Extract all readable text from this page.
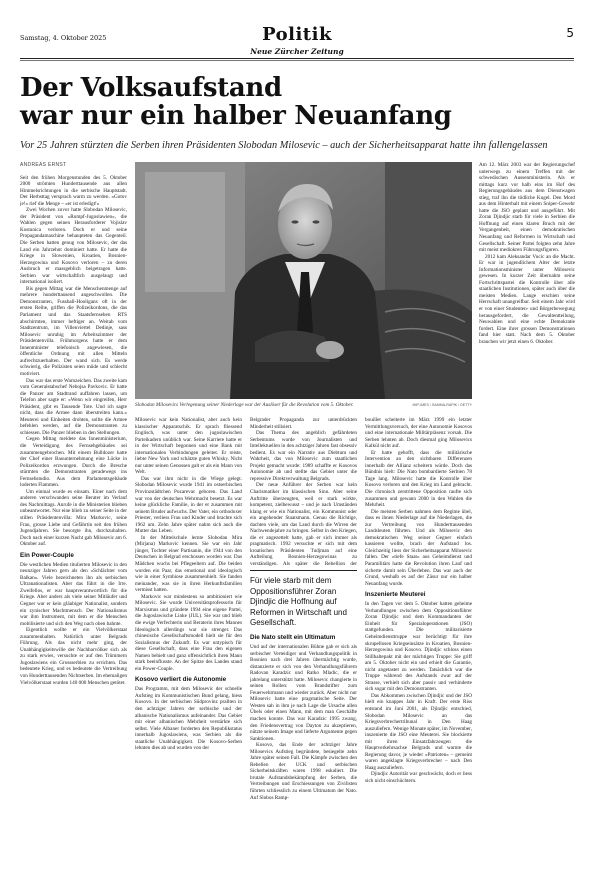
Samstag, 4. Oktober 2025	Politik
Neue Zürcher Zeitung
5
Der Volksaufstand
war nur ein halber Neuanfang
Vor 25 Jahren stürzten die Serben ihren Präsidenten Slobodan Milosevic – auch der Sicherheitsapparat hatte ihn fallengelassen
ANDREAS ERNST

Seit den frühen Morgenstunden des 5. Oktober 2000 strömten Hunderttausende aus allen Himmelsrichtungen in die serbische Hauptstadt. Der Herbsttag versprach warm zu werden. «Gotov je!» rief die Menge – «er ist erledigt!»

Zwei Wochen zuvor hatte Slobodan Milosevic, der Präsident von «Rumpf-Jugoslawien», die Wahlen gegen seinen Herausforderer Vojislav Kostunica verloren. Doch er und seine Propagandamaschine behaupteten das Gegenteil. Die Serben hatten genug von Milosevic, der das Land ein Jahrzehnt dominiert hatte. Er hatte die Kriege in Slowenien, Kroatien, Bosnien-Herzegowina und Kosovo verloren – zu deren Ausbruch er massgeblich beigetragen hatte. Serbien war wirtschaftlich ausgelaugt und international isoliert.

Bis gegen Mittag war die Menschenmenge auf mehrere hunderttausend angeschwollen. Die Demonstranten, Fussball-Hooligans oft in der ersten Reihe, griffen die Polizeikordons, die das Parlament und das Staatsfernsehen RTS abschirmten, immer heftiger an. Weitab vom Stadtzentrum, im Villenviertel Dedinje, sass Milosevic unruhig im Arbeitszimmer der Präsidentenvilla. Frühmorgens hatte er dem Innenminister telefonisch angewiesen, die öffentliche Ordnung mit allen Mitteln aufrechtzuerhalten. Der wand sich. Es werde schwierig, die Polizisten seien müde und schlecht motiviert.

Das war das erste Warnzeichen. Das zweite kam vom Generalstabschef Nebojsa Pavkovic. Er hatte die Panzer am Stadtrand auffahren lassen, um Telefon aber sagte er: «Wenn wir eingreifen, Herr Präsident, gibt es Tausende Tote. Und ich sagte nicht, dass die Armee dann überstreiten kann.» Meuterei und Einheiten drohten, sollte die Armee befehlen werden, auf die Demonstranten zu schiessen. Die Panzer blieben in den Stellungen.

Gegen Mittag meldete das Innenministerium, die Verteidigung des Fernsehgebäudes sei zusammengebrochen. Mit einem Bulldozer hatte der Chef einer Bauunternehmung eine Lücke in Polizeikordon erzwungen. Durch die Bresche stürmten die Demonstranten geradewegs ins Fernsehstudio. Aus dem Parlamentsgebäude loderten Flammen.

Um einmal wurde es einsam. Einer nach dem anderen verschwanden seine Berater im Verlauf des Nachmittags. Anrufe in die Ministerien blieben unbeantwortet. Nur eine blieb zu seiner Seite in der stillen Präsidentenvilla: Mira Markovic, seine Frau, grosse Liebe und Gefährtin seit den frühen Jugendjahren. Sie besorgte ihn, durchzuhalten. Doch nach einer kurzen Nacht gab Milosevic am 6. Oktober auf.

Ein Power-Couple

Die westlichen Medien titulierten Milosevic in den neunziger Jahren gern als den «Schlächter vom Balkan». Viele bezeichneten ihn als serbischen Ultranationalisten. Aber das führt in die Irre. Zweifellos, er war hauptverantwortlich für die Kriege. Aber anders als viele seiner Mitläufer und Gegner war er kein gläubiger Nationalist, sondern ein zynischer Machtmensch. Der Nationalismus war ihm Instrument, mit dem er die Menschen mobilisierte und sich den Weg nach oben bahnte.

Eigentlich wollte er ein Vielvölkerstaat zusammenhalten. Natürlich unter Belgrads Führung. Als das nicht mehr ging, der Unabhängigkeitswille der Nachbarvölker sich als zu stark erwies, versuchte er auf den Trümmern Jugoslawiens ein Grossserbien zu errichten. Das bedeutete Krieg, und es bedeutete die Vertreibung von Hunderttausenden Nichtserben. Im ehemaligen Vielvölkerstaat wurden 140 000 Menschen getötet.

Slobodan Milosevics Verlegenung seiner Niederlage war der Auslöser für die Revolution vom 5. Oktober.	IMP-IMES / SAMMA-RAPIK / GETTY

Milosevic war kein Nationalist, aber auch kein klassischer Apparatschik. Er sprach fliessend Englisch, was unter den jugoslawischen Parteikadern unüblich war. Seine Karriere hatte er in der Wirtschaft begonnen und eine Bank mit internationalen Verbindungen geleitet. Er reiste, liebte New York und schätzte guten Whisky. Nicht nur unter seinen Genossen galt er als ein Mann von Welt.

Das war ihm nicht in die Wiege gelegt. Slobodan Milosevic wurde 1941 im ostserbischen Provinzstädtchen Pozarevac geboren. Das Land war von der deutschen Wehrmacht besetzt. Es war keine glückliche Familie, in der er zusammen mit seinem Bruder aufwuchs. Der Vater, ein orthodoxer Priester, verliess Frau und Kinder und brachte sich 1962 um. Zehn Jahre später nahm sich auch die Mutter das Leben.

In der Mittelschule lernte Slobodan Mira (Mirjana) Markovic kennen. Sie war ein Jahr jünger, Tochter einer Partisanin, die 1944 von den Deutschen in Belgrad erschossen worden war. Das Mädchen wuchs bei Pflegeeltern auf. Die beiden wurden ein Paar, das emotional und ideologisch wie in einer Symbiose zusammenhielt. Sie fanden meinander, was sie in ihren Herkunftsfamilien vermisst hatten.

Markovic war mindestens so ambitioniert wie Milosevic. Sie wurde Universitätsprofessorin für Marxismus und gründete 1994 eine eigene Partei, die Jugoslawische Linke (JUL). Sie war und blieb die ewige Verfechterin und Beraterin ihres Mannes Ideologisch allerdings war sie strenger. Das chinesische Gesellschaftsmodell hielt sie für den Sozialismus der Zukunft. Es war untypisch für diese Gesellschaft, dass eine Frau den eigenen Namen behielt und ganz offensichtlich ihren Mann stark beeinflusste. An der Spitze des Landes stand ein Power-Couple.

Kosovo verliert die Autonomie

Das Programm, mit dem Milosevic der schnelle Aufstieg im Kommunistischen Bund gelang, hiess Kosovo. In der serbischen Südprovinz prallten in den achtziger Jahren der serbische und der albanische Nationalismus aufeinander. Das Gebiet mit einer albanischen Mehrheit verstärkte sich selbst. Viele Albaner forderten den Republikstatus innerhalb Jugoslawiens, was Serbien als die staatliche Unabhängigkeit. Die Kosovo-Serben lehnten dies ab und wurden von der

Belgrader Propaganda zur unterdrückten Minderheit stilisiert.

Das Thema des angeblich gefährdeten Serbentums wurde von Journalisten und Intellektuellen in den achtziger Jahren fast obsessiv bedient. Es war ein Narrativ aus Diebtum und Wahrheit, das von Milosevic zum staatlichen Projekt gemacht wurde: 1989 schaffte er Kosovos Autonomie ab und stellte das Gebiet unter die repressive Direktverwaltung Belgrads.

Der neue Anführer der Serben war kein Charismatiker im klassischen Sinn. Aber seine Auftritte überzeugten, weil er stark wirkte, kompetent, zielbewusst – und je nach Umständen klang er wie ein Nationalist, ein Kommunist oder ein angehender Staatsmann. Genau die Richtige, dachten viele, um das Land durch die Wirren der Nachwendejahre zu bringen. Selbst in den Kriegen, die er angezettelt hatte, gab er sich immer als pragmatisch. 1992 versuchte er sich mit dem kroatischen Präsidenten Tudjman auf eine Aufteilung Bosnien-Herzegowinas zu verständigen. Als später die Rebellion der

Für viele starb mit dem Oppositionsführer Zoran Djindjic die Hoffnung auf Reformen in Wirtschaft und Gesellschaft.
Die Nato stellt ein Ultimatum

Und auf der internationalen Bühne gab er sich als serbischer Verteidiger und Verhandlungspolitik in Bosnien nach drei Jahren übermächtig wurde, distanzierte er sich von den Verhandlungsführern Radovan Karadzic und Ratko Mladic, die er jahrelang unterstützt hatte. Milosevic changierte in seinen Rollen: vom Brandstifter zum Feuerwehrmann und wieder zurück. Aber nicht nur Milosevic hatte eine pragmatische Seite. Der Westen sah in ihm je nach Lage die Ursache allen Übels oder einen Mann, mit dem man Geschäfte machen konnte. Das war Karadzic 1995 zwang, den Friedensvertrag von Dayton zu akzeptieren, nützte seinem Image und lieferte Argumente gegen Sanktionen.

Kosovo, das Ende der achtziger Jahre Milosevics Aufstieg begründete, besiegelte zehn Jahre später seinen Fall. Die Kämpfe zwischen den Rebellen der UCK und serbischen Sicherheitskräften waren 1998 eskaliert. Die brutale Aufstandsbekämpfung der Serben, die Vertreibungen und Erschiessungen von Zivilisten führten schliesslich zu einem Ultimatum der Nato. Auf Slobos Ramp-

bouillet scheiterte im März 1999 ein letzter Vermittlungsversuch, der eine Autonomie Kosovos und eine internationale Militärpräsenz vorsah. Die Serben lehnten ab. Doch diesmal ging Milosevics Kalkül nicht auf.

Er hatte gehofft, dass die militärische Intervention an den sichtbaren Differenzen innerhalb der Allianz scheitern würde. Doch das Bündnis hielt: Die Nato bombardierte Serbien 78 Tage lang. Milosevic hatte die Kontrolle über Kosovo verloren und den Krieg im Land gebracht. Die chronisch zerstrittene Opposition raufte sich zusammen und gewann 2000 in den Wahlen die Mehrheit.

Die meisten Serben nahmen dem Regime übel, dass es ihnen Niederlage auf die Niederlagen, die zur Vertreibung von Hunderttausenden Landsleuten führten. Und als Milosevic den demokratischen Weg seiner Gegner einfach kassieren wollte, brach der Aufstand los. Gleichzeitig liess der Sicherheitsapparat Milosevic fallen. Der «tiefe Staat» aus Geheimdienst und Paramilitärs hatte die Revolution ihren Lauf und sicherte damit sein Überleben. Das war auch der Grund, weshalb es auf der Zäsur nur ein halber Neuanfang wurde.

Inszenierte Meuterei

In den Tagen vor dem 5. Oktober hatten geheime Verhandlungen zwischen dem Oppositionsführer Zoran Djindjic und dem Kommandanten der Einheit für Spezialoperationen (JSO) stattgefunden. Die militarisierte Geheimdiensttruppe war berüchtigt für ihre skrupellosen Kriegseinsätze in Kroatien, Bosnien-Herzegowina und Kosovo. Djindjic schloss einen Stillhaltepakt mit der mächtigen Truppe: Sie griff am 5. Oktober nicht ein und erhielt die Garantie, nicht angetastet zu werden. Tatsächlich war die Truppe während des Aufstands zwar auf der Strasse, verhielt sich aber passiv und verhinderte sich sogar mit den Demonstranten.

Das Abkommen zwischen Djindjic und der JSO hielt ein knappes Jahr in Kraft. Der erste Riss entstand im Juni 2001, als Djindjic entschied, Slobodan Milosevic an das Kriegsverbrechertribunal in Den Haag auszuliefern. Wenige Monate später, im November, inszenierte die JSO eine Meuterei. Sie blockierte mit ihren Einsatzfahrzeugen die Hauptverkehrsachse Belgrads und warnte die Regierung davor, je wieder «Patrioten» – gemeint waren angeklagte Kriegsverbrecher – nach Den Haag auszuliefern.

Djindjic Autorität war geschwächt, doch er liess sich nicht einschüchtern.

Am 12. März 2003 war der Regierungschef unterwegs zu einem Treffen mit der schwedischen Aussenministerin. Als er mittags kurz vor halb eins im Hof des Regierungsgebäudes aus dem Dienstwagen stieg, traf ihn die tödliche Kugel. Den Mord aus dem Hinterhalt mit einem Sniper-Gewehr hatte die JSO geplant und ausgeführt. Mit Zoran Djindjic starb für viele in Serbien die Hoffnung auf einen klaren Bruch mit der Vergangenheit, einen demokratischen Neuanfang und Reformen in Wirtschaft und Gesellschaft. Seiner Partei folgten zehn Jahre mit meist mediokren Führungsfiguren.

2012 kam Aleksandar Vucic an die Macht. Er war in jugendlichem Alter der letzte Informationsminister unter Milosevic gewesen. In kurzer Zeit übernahm seine Fortschrittspartei die Kontrolle über alle staatlichen Institutionen, später auch über die meisten Medien. Lange erschien seine Herrschaft unangreifbar. Seit einem Jahr wird er von einer Studenten- und Bürgerbewegung herausgefordert, die Gewaltentteilung, Neuwahlen und eine echte Demokratie fordert. Eine ihrer grossen Demonstrationen fand hier statt. Nach dem 5. Oktober brauchen wir jetzt einen 6. Oktober.
